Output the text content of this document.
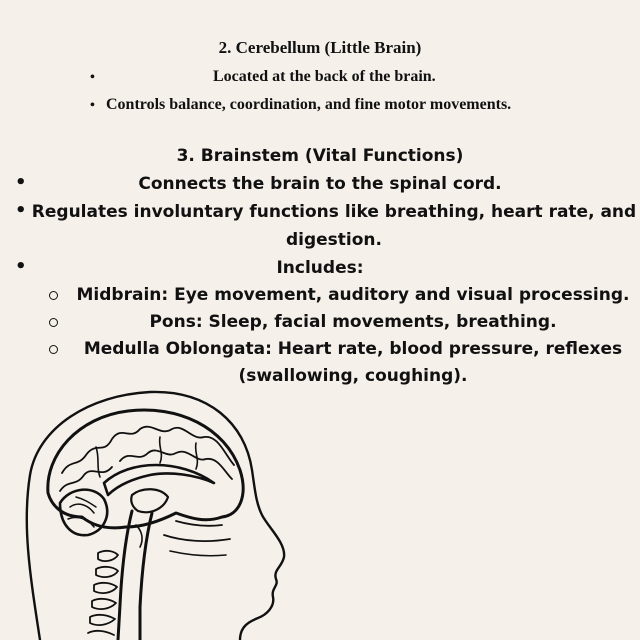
2. Cerebellum (Little Brain)
•	Located at the back of the brain.
• Controls balance, coordination, and fine motor movements.
3. Brainstem (Vital Functions)
•	Connects the brain to the spinal cord.
• Regulates involuntary functions like breathing, heart rate, and
digestion.
•	Includes:
Midbrain: Eye movement, auditory and visual processing.
Pons: Sleep, facial movements, breathing.
Medulla Oblongata: Heart rate, blood pressure, reflexes
(swallowing, coughing).
